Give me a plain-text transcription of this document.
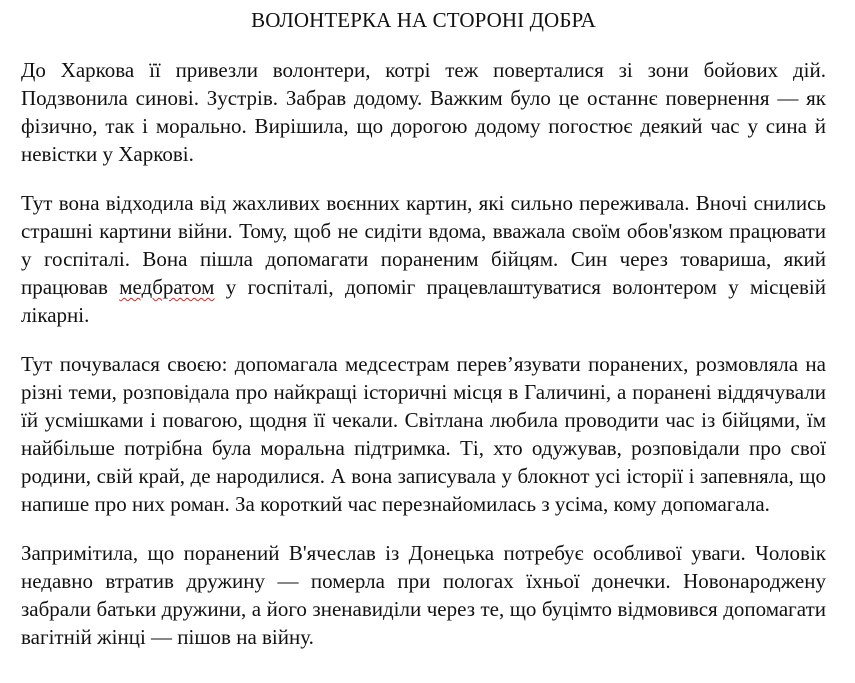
ВОЛОНТЕРКА НА СТОРОНІ ДОБРА

До Харкова її привезли волонтери, котрі теж поверталися зі зони бойових дій. Подзвонила синові. Зустрів. Забрав додому. Важким було це останнє повернення — як фізично, так і морально. Вирішила, що дорогою додому погостює деякий час у сина й невістки у Харкові.

Тут вона відходила від жахливих воєнних картин, які сильно переживала. Вночі снились страшні картини війни. Тому, щоб не сидіти вдома, вважала своїм обов'язком працювати у госпіталі. Вона пішла допомагати пораненим бійцям. Син через товариша, який працював медбратом у госпіталі, допоміг працевлаштуватися волонтером у місцевій лікарні.

Тут почувалася своєю: допомагала медсестрам перев’язувати поранених, розмовляла на різні теми, розповідала про найкращі історичні місця в Галичині, а поранені віддячували їй усмішками і повагою, щодня її чекали. Світлана любила проводити час із бійцями, їм найбільше потрібна була моральна підтримка. Ті, хто одужував, розповідали про свої родини, свій край, де народилися. А вона записувала у блокнот усі історії і запевняла, що напише про них роман. За короткий час перезнайомилась з усіма, кому допомагала.

Запримітила, що поранений В'ячеслав із Донецька потребує особливої уваги. Чоловік недавно втратив дружину — померла при пологах їхньої донечки. Новонароджену забрали батьки дружини, а його зненавиділи через те, що буцімто відмовився допомагати вагітній жінці — пішов на війну.
